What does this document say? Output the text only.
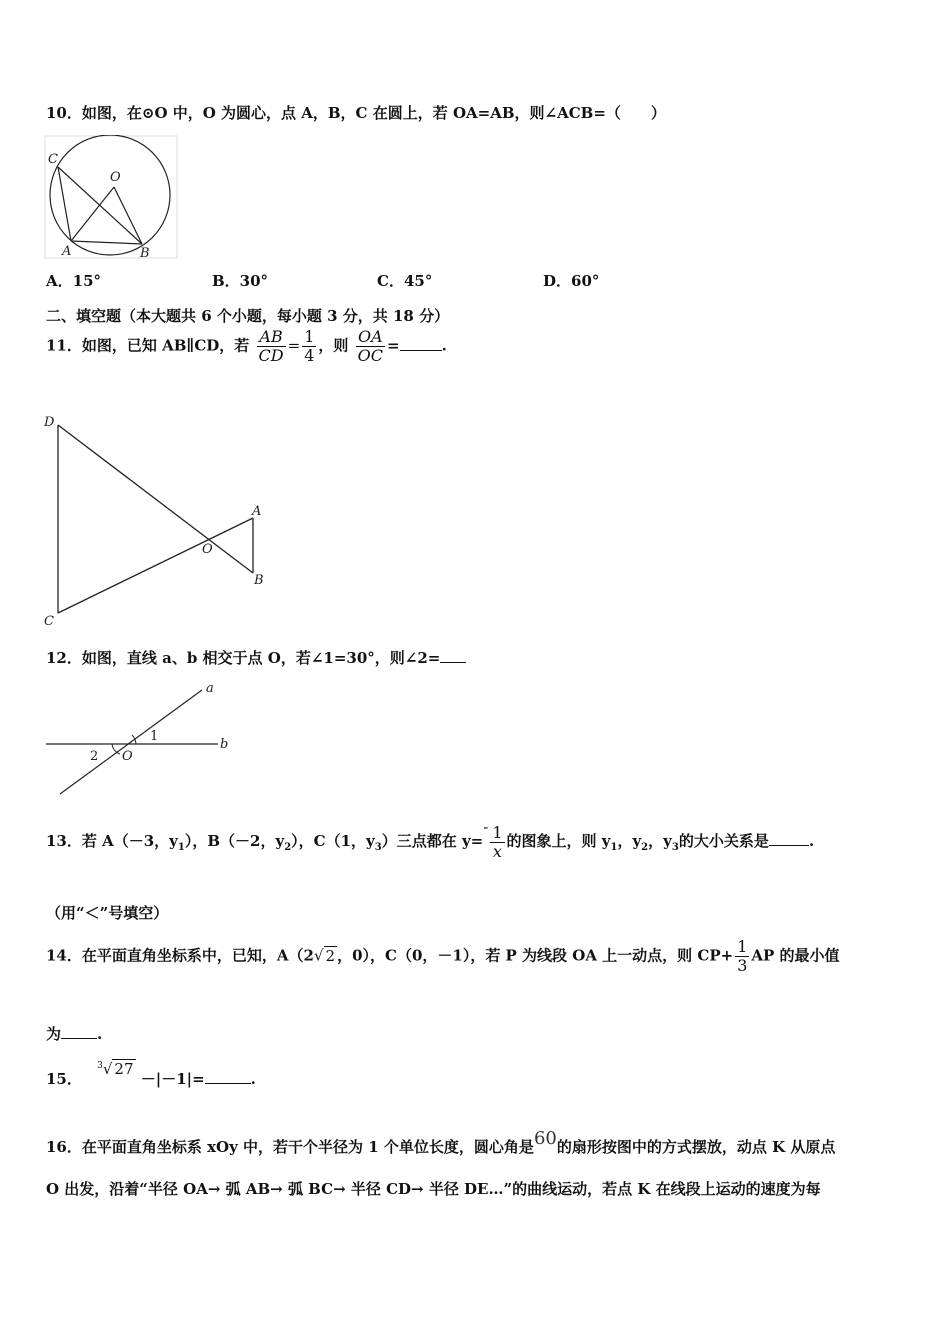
10．如图，在⊙O 中，O 为圆心，点 A，B，C 在圆上，若 OA=AB，则∠ACB=（　　）
C
O
A	B
A．15°	B．30°	C．45°	D．60°
二、填空题（本大题共 6 个小题，每小题 3 分，共 18 分）
11．如图，已知 AB∥CD，若 $\frac{AB}{CD} = \frac{1}{4}$ ，则 $\frac{OA}{OC}$ =	.
D
A
O
B
C
12．如图，直线 a、b 相交于点 O，若∠1=30°，则∠2=
a
b
1
2 O
13．若 A（－3，$y_1$），B（－2，$y_2$），C（1，$y_3$）三点都在 $y=- \frac{1}{x}$ 的图象上，则 $y_1$，$y_2$，$y_3$的大小关系是	.
（用“＜”号填空）
14．在平面直角坐标系中，已知，A（2√ 2 ，0），C（0，－1），若 P 为线段 OA 上一动点，则 $CP+ \frac{1}{3}$ AP 的最小值
为 .
15． $^3$√ 27 －|－1|=	.
16．在平面直角坐标系 xOy 中，若干个半径为 1 个单位长度，圆心角是60的扇形按图中的方式摆放，动点 K 从原点
O 出发，沿着“半径 OA→ 弧 AB→ 弧 BC→ 半径 CD→ 半径 DE…”的曲线运动，若点 K 在线段上运动的速度为每
